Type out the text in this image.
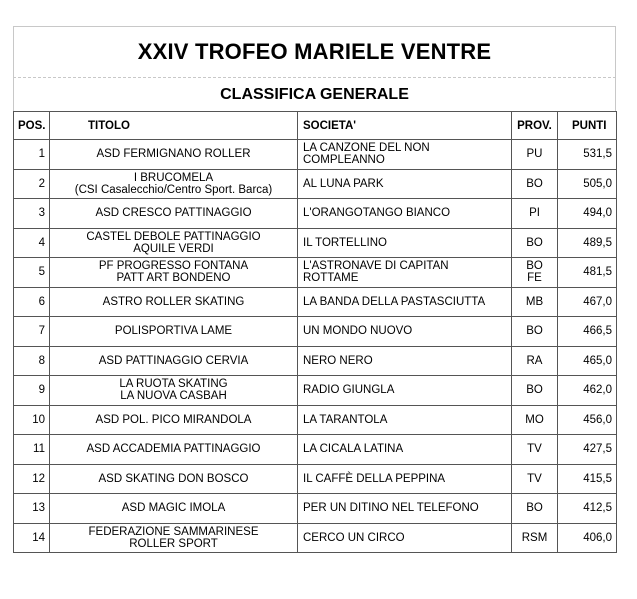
XXIV TROFEO MARIELE VENTRE
CLASSIFICA GENERALE
POS.	TITOLO	SOCIETA'	PROV.	PUNTI
1	ASD FERMIGNANO ROLLER	LA CANZONE DEL NON COMPLEANNO	PU	531,5
2	I BRUCOMELA
(CSI Casalecchio/Centro Sport. Barca)	AL LUNA PARK	BO	505,0
3	ASD CRESCO PATTINAGGIO	L'ORANGOTANGO BIANCO	PI	494,0
4	CASTEL DEBOLE PATTINAGGIO
AQUILE VERDI	IL TORTELLINO	BO	489,5
5	PF PROGRESSO FONTANA
PATT ART BONDENO	L'ASTRONAVE DI CAPITAN ROTTAME	BO
FE	481,5
6	ASTRO ROLLER SKATING	LA BANDA DELLA PASTASCIUTTA	MB	467,0
7	POLISPORTIVA LAME	UN MONDO NUOVO	BO	466,5
8	ASD PATTINAGGIO CERVIA	NERO NERO	RA	465,0
9	LA RUOTA SKATING
LA NUOVA CASBAH	RADIO GIUNGLA	BO	462,0
10	ASD POL. PICO MIRANDOLA	LA TARANTOLA	MO	456,0
11	ASD ACCADEMIA PATTINAGGIO	LA CICALA LATINA	TV	427,5
12	ASD SKATING DON BOSCO	IL CAFFÈ DELLA PEPPINA	TV	415,5
13	ASD MAGIC IMOLA	PER UN DITINO NEL TELEFONO	BO	412,5
14	FEDERAZIONE SAMMARINESE
ROLLER SPORT	CERCO UN CIRCO	RSM	406,0
